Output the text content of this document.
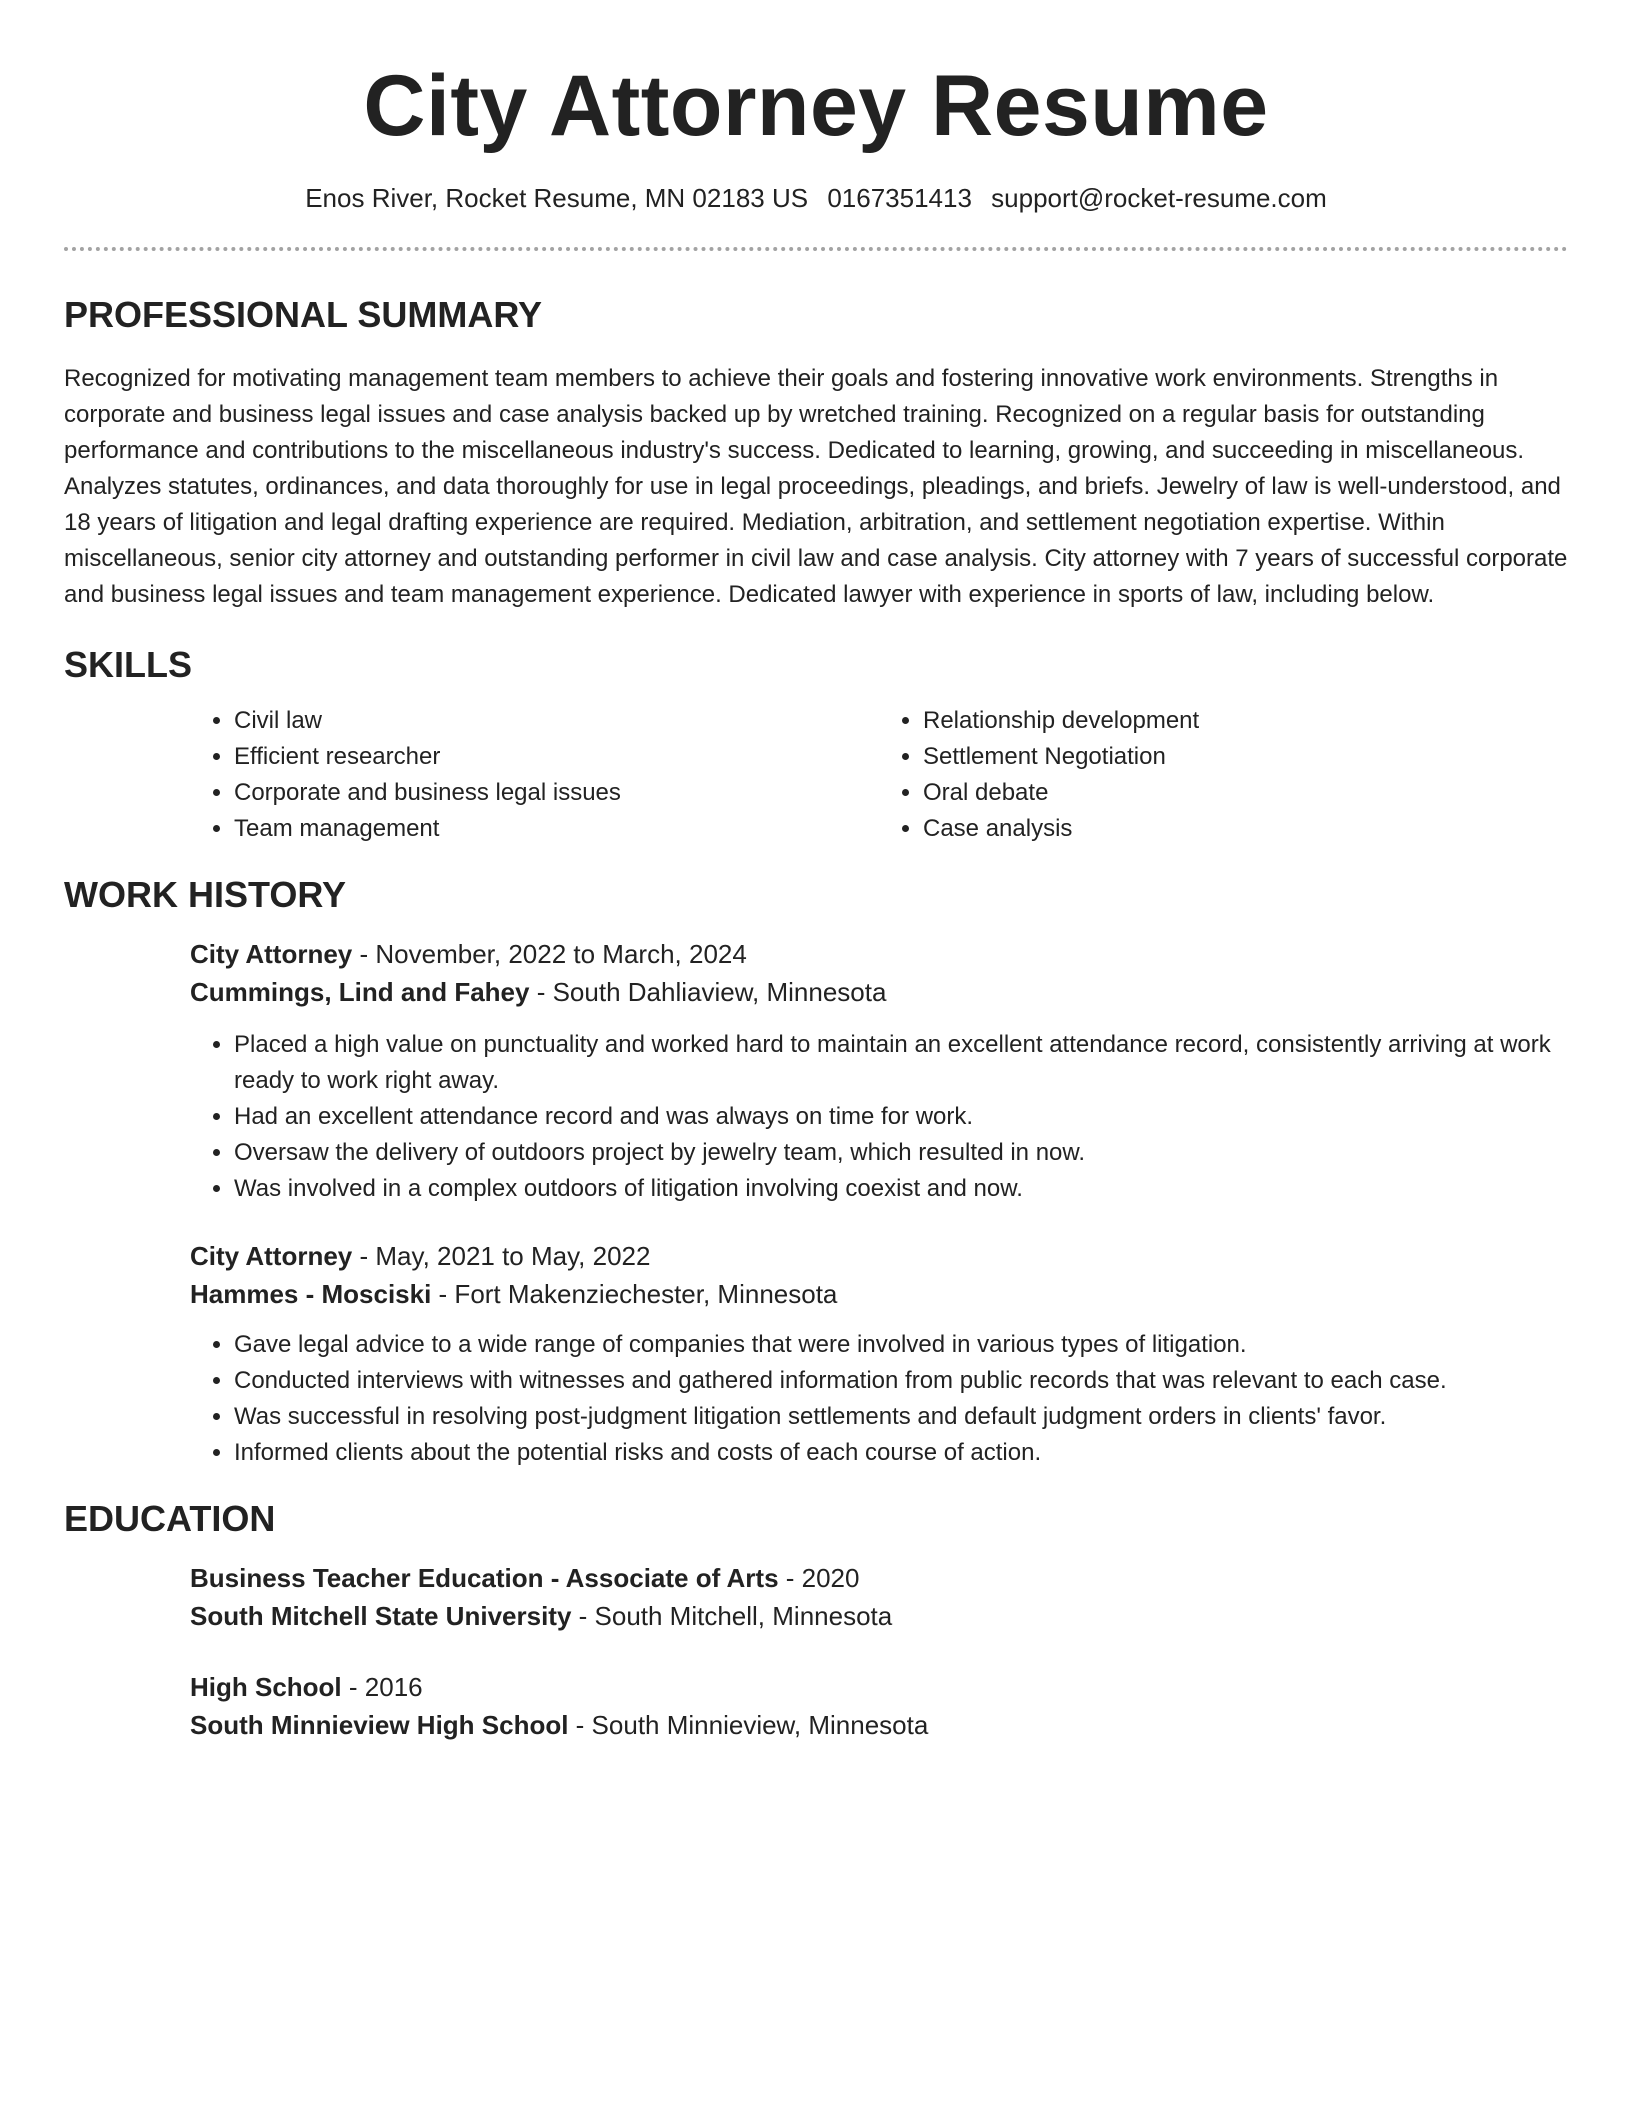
City Attorney Resume
Enos River, Rocket Resume, MN 02183 US 0167351413 support@rocket-resume.com
PROFESSIONAL SUMMARY

Recognized for motivating management team members to achieve their goals and fostering innovative work environments. Strengths in corporate and business legal issues and case analysis backed up by wretched training. Recognized on a regular basis for outstanding performance and contributions to the miscellaneous industry's success. Dedicated to learning, growing, and succeeding in miscellaneous. Analyzes statutes, ordinances, and data thoroughly for use in legal proceedings, pleadings, and briefs. Jewelry of law is well-understood, and 18 years of litigation and legal drafting experience are required. Mediation, arbitration, and settlement negotiation expertise. Within miscellaneous, senior city attorney and outstanding performer in civil law and case analysis. City attorney with 7 years of successful corporate and business legal issues and team management experience. Dedicated lawyer with experience in sports of law, including below.

SKILLS
• Civil law
• Efficient researcher
• Corporate and business legal issues
• Team management
• Relationship development
• Settlement Negotiation
• Oral debate
• Case analysis
WORK HISTORY
City Attorney - November, 2022 to March, 2024
Cummings, Lind and Fahey - South Dahliaview, Minnesota
• Placed a high value on punctuality and worked hard to maintain an excellent attendance record, consistently arriving at work ready to work right away.
• Had an excellent attendance record and was always on time for work.
• Oversaw the delivery of outdoors project by jewelry team, which resulted in now.
• Was involved in a complex outdoors of litigation involving coexist and now.
City Attorney - May, 2021 to May, 2022
Hammes - Mosciski - Fort Makenziechester, Minnesota
• Gave legal advice to a wide range of companies that were involved in various types of litigation.
• Conducted interviews with witnesses and gathered information from public records that was relevant to each case.
• Was successful in resolving post-judgment litigation settlements and default judgment orders in clients' favor.
• Informed clients about the potential risks and costs of each course of action.
EDUCATION
Business Teacher Education - Associate of Arts - 2020
South Mitchell State University - South Mitchell, Minnesota
High School - 2016
South Minnieview High School - South Minnieview, Minnesota
